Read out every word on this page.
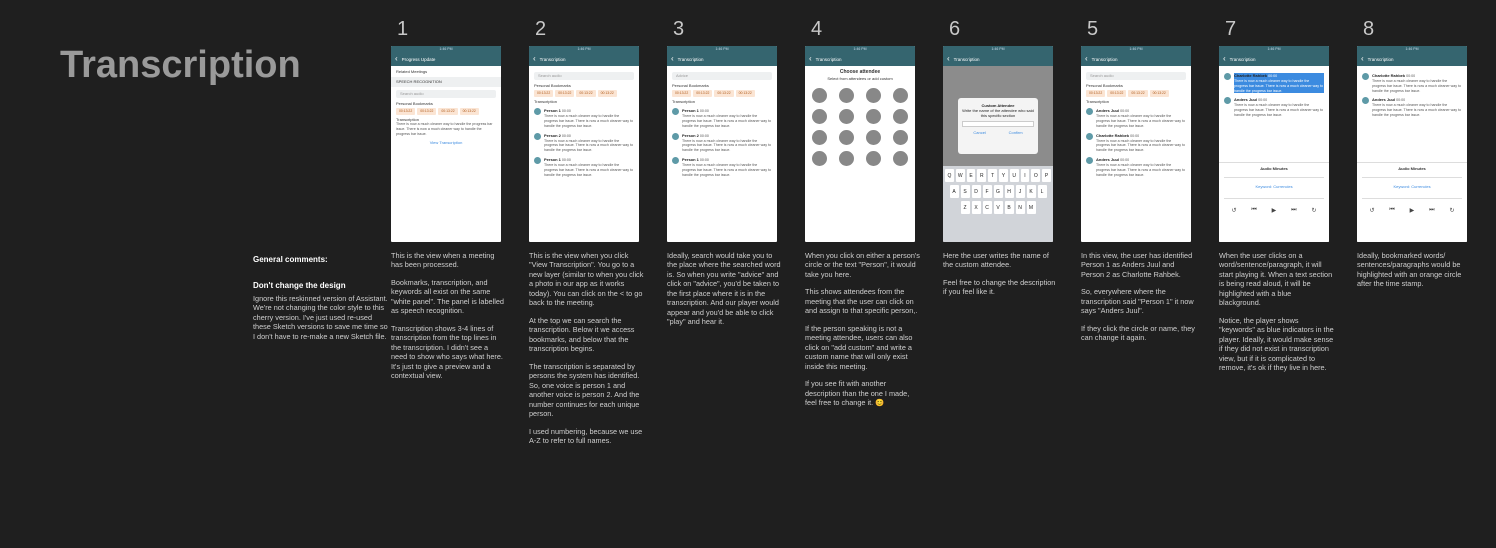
Transcription
General comments:
Don't change the design
Ignore this reskinned version of Assistant. We're not changing the color style to this cherry version. I've just used re-used these Sketch versions to save me time so I don't have to re-make a new Sketch file.
1
1:46 PM
‹ Progress Update
Related Meetings
SPEECH RECOGNITION
Search audio
Personal Bookmarks
00:13:22	00:13:22	00:13:22	00:13:22
Transcription
There is now a much cleaner way to handle the progress bar issue. There is now a much cleaner way to handle the progress bar issue.
View Transcription

This is the view when a meeting has been processed.

Bookmarks, transcription, and keywords all exist on the same "white panel". The panel is labelled as speech recognition.

Transcription shows 3-4 lines of transcription from the top lines in the transcription. I didn't see a need to show who says what here. It's just to give a preview and a contextual view.

2
1:46 PM
‹ Transcription
Search audio
Personal Bookmarks
00:13:22	00:13:22	00:13:22	00:13:22
Transcription
Person 1 00:00
There is now a much cleaner way to handle the progress bar issue. There is now a much cleaner way to handle the progress bar issue.
Person 2 00:00
There is now a much cleaner way to handle the progress bar issue. There is now a much cleaner way to handle the progress bar issue.
Person 1 00:00
There is now a much cleaner way to handle the progress bar issue. There is now a much cleaner way to handle the progress bar issue.

This is the view when you click "View Transcription". You go to a new layer (similar to when you click a photo in our app as it works today). You can click on the < to go back to the meeting.

At the top we can search the transcription. Below it we access bookmarks, and below that the transcription begins.

The transcription is separated by persons the system has identified. So, one voice is person 1 and another voice is person 2. And the number continues for each unique person.

I used numbering, because we use A-Z to refer to full names.

3
1:46 PM
‹ Transcription
Advice
Personal Bookmarks
00:13:22	00:13:22	00:13:22	00:13:22
Transcription
Person 1 00:00
There is now a much cleaner way to handle the progress bar issue. There is now a much cleaner way to handle the progress bar issue.
Person 2 00:00
There is now a much cleaner way to handle the progress bar issue. There is now a much cleaner way to handle the progress bar issue.
Person 1 00:00
There is now a much cleaner way to handle the progress bar issue. There is now a much cleaner way to handle the progress bar issue.

Ideally, search would take you to the place where the searched word is. So when you write "advice" and click on "advice", you'd be taken to the first place where it is in the transcription. And our player would appear and you'd be able to click "play" and hear it.

4
1:46 PM
‹ Transcription
Choose attendee
Select from attendees or add custom

When you click on either a person's circle or the text "Person", it would take you here.

This shows attendees from the meeting that the user can click on and assign to that specific person,.

If the person speaking is not a meeting attendee, users can also click on "add custom" and write a custom name that will only exist inside this meeting.

If you see fit with another description than the one I made, feel free to change it. 😊

6
1:46 PM
‹ Transcription
Custom Attendee
Write the name of the attendee who said this specific section
Cancel	Confirm
Q	W	E	R	T	Y	U	I	O	P
A	S	D	F	G	H	J	K	L
Z	X	C	V	B	N	M

Here the user writes the name of the custom attendee.

Feel free to change the description if you feel like it.

5
1:46 PM
‹ Transcription
Search audio
Personal Bookmarks
00:13:22	00:13:22	00:13:22	00:13:22
Transcription
Anders Juul 00:00
There is now a much cleaner way to handle the progress bar issue. There is now a much cleaner way to handle the progress bar issue.
Charlotte Rahbek 00:00
There is now a much cleaner way to handle the progress bar issue. There is now a much cleaner way to handle the progress bar issue.
Anders Juul 00:00
There is now a much cleaner way to handle the progress bar issue. There is now a much cleaner way to handle the progress bar issue.

In this view, the user has identified Person 1 as Anders Juul and Person 2 as Charlotte Rahbek.

So, everywhere where the transcription said "Person 1" it now says "Anders Juul".

If they click the circle or name, they can change it again.

7
1:46 PM
‹ Transcription
Charlotte Rahbek 00:00
There is now a much cleaner way to handle the progress bar issue. There is now a much cleaner way to handle the progress bar issue.
Anders Juul 00:00
There is now a much cleaner way to handle the progress bar issue. There is now a much cleaner way to handle the progress bar issue.
Audio Minutes
Keyword: Currencies
↺ ⏮ ▶ ⏭ ↻

When the user clicks on a word/sentence/paragraph, it will start playing it. When a text section is being read aloud, it will be highlighted with a blue blackground.

Notice, the player shows "keywords" as blue indicators in the player. Ideally, it would make sense if they did not exist in transcription view, but if it is complicated to remove, it's ok if they live in here.

8
1:46 PM
‹ Transcription
Charlotte Rahbek 00:00
There is now a much cleaner way to handle the progress bar issue. There is now a much cleaner way to handle the progress bar issue.
Anders Juul 00:00
There is now a much cleaner way to handle the progress bar issue. There is now a much cleaner way to handle the progress bar issue.
Audio Minutes
Keyword: Currencies
↺ ⏮ ▶ ⏭ ↻

Ideally, bookmarked words/ sentences/paragraphs would be highlighted with an orange circle after the time stamp.
